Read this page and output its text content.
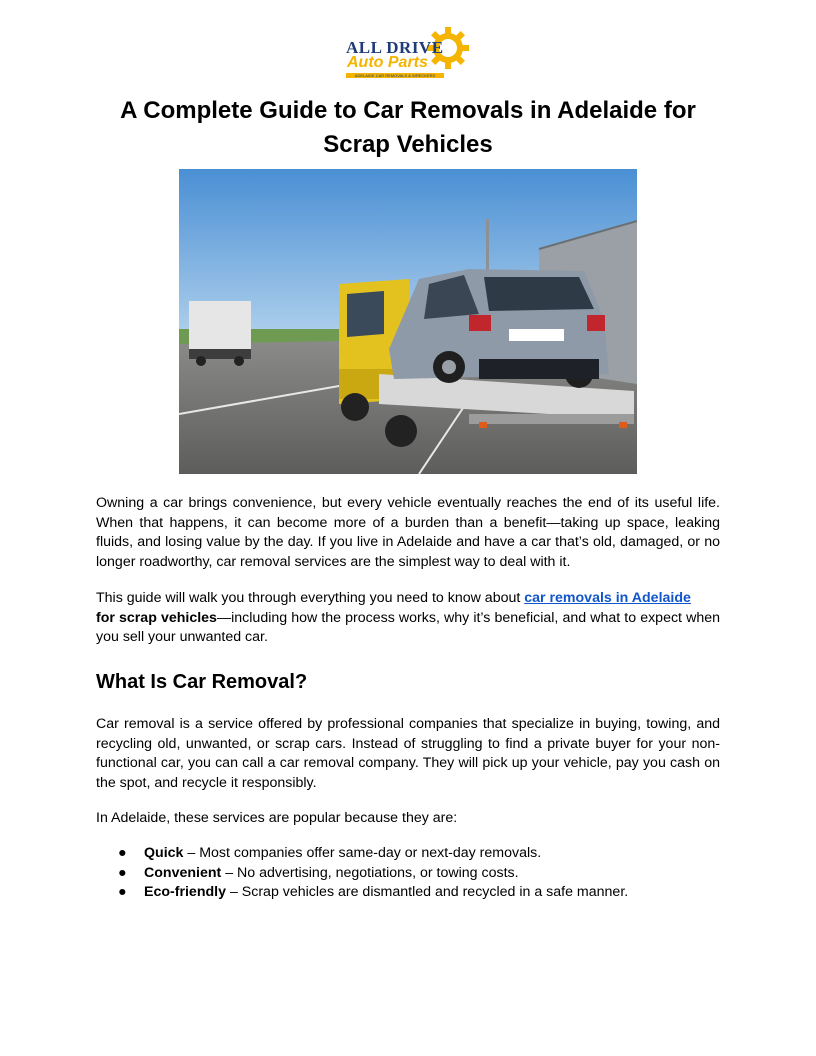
ALL DRIVE
Auto Parts
ADELAIDE CAR REMOVALS & WRECKERS
A Complete Guide to Car Removals in Adelaide for Scrap Vehicles

Owning a car brings convenience, but every vehicle eventually reaches the end of its useful life. When that happens, it can become more of a burden than a benefit—taking up space, leaking fluids, and losing value by the day. If you live in Adelaide and have a car that’s old, damaged, or no longer roadworthy, car removal services are the simplest way to deal with it.

This guide will walk you through everything you need to know about car removals in Adelaide
for scrap vehicles—including how the process works, why it’s beneficial, and what to expect when you sell your unwanted car.

What Is Car Removal?

Car removal is a service offered by professional companies that specialize in buying, towing, and recycling old, unwanted, or scrap cars. Instead of struggling to find a private buyer for your non-functional car, you can call a car removal company. They will pick up your vehicle, pay you cash on the spot, and recycle it responsibly.

In Adelaide, these services are popular because they are:

● Quick – Most companies offer same-day or next-day removals.
● Convenient – No advertising, negotiations, or towing costs.
● Eco-friendly – Scrap vehicles are dismantled and recycled in a safe manner.
